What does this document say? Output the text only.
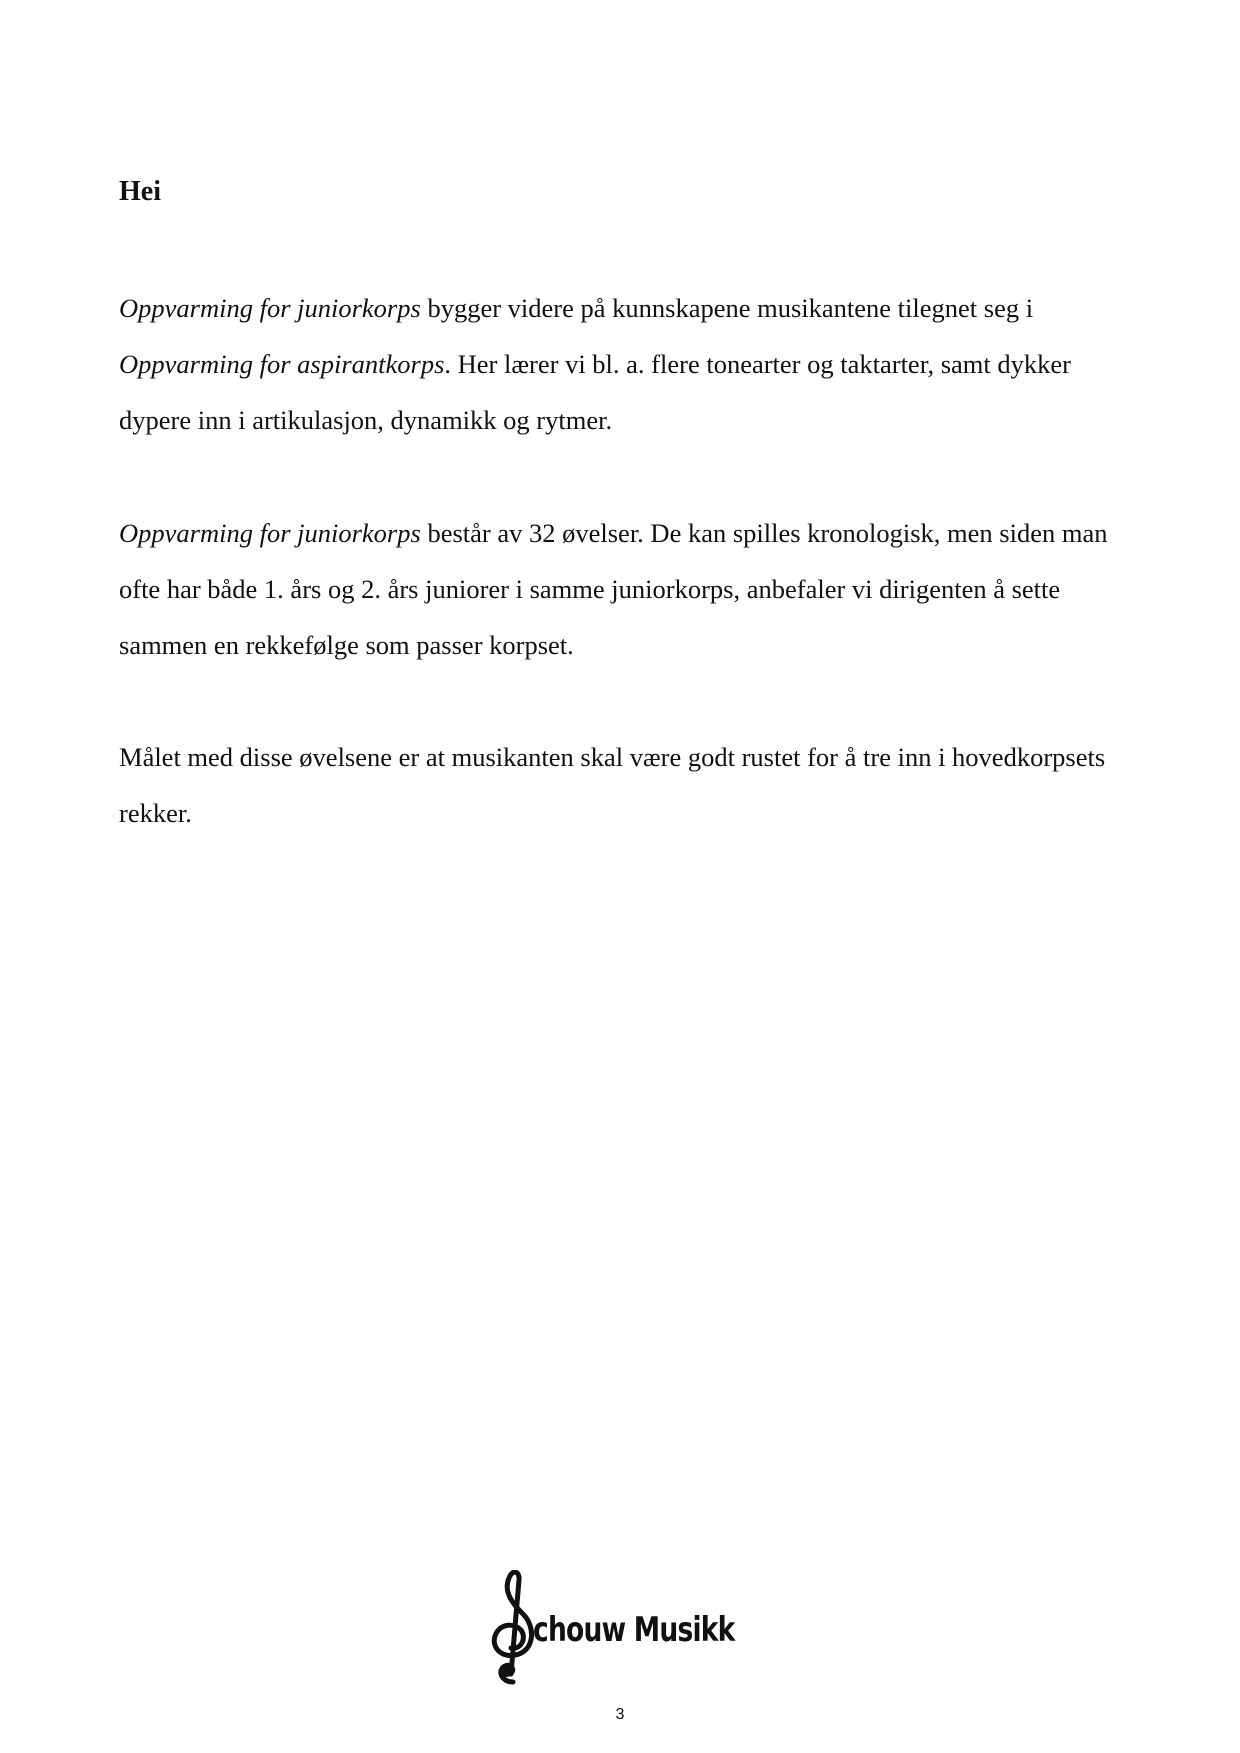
Hei

Oppvarming for juniorkorps bygger videre på kunnskapene musikantene tilegnet seg i Oppvarming for aspirantkorps. Her lærer vi bl. a. flere tonearter og taktarter, samt dykker dypere inn i artikulasjon, dynamikk og rytmer.

Oppvarming for juniorkorps består av 32 øvelser. De kan spilles kronologisk, men siden man ofte har både 1. års og 2. års juniorer i samme juniorkorps, anbefaler vi dirigenten å sette sammen en rekkefølge som passer korpset.

Målet med disse øvelsene er at musikanten skal være godt rustet for å tre inn i hovedkorpsets rekker.

chouw Musikk
3
